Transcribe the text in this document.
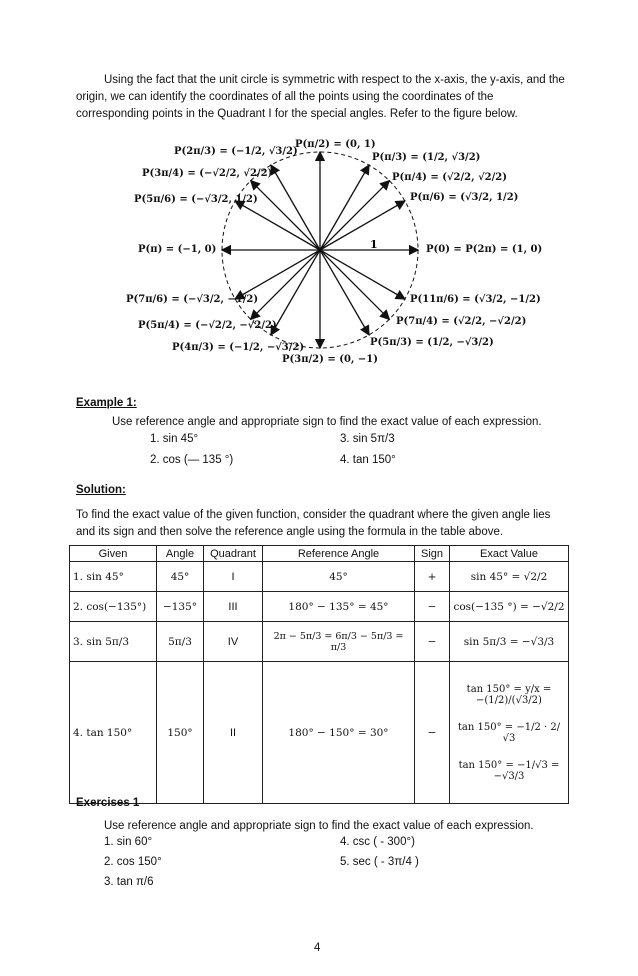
Using the fact that the unit circle is symmetric with respect to the x-axis, the y-axis, and the origin, we can identify the coordinates of all the points using the coordinates of the corresponding points in the Quadrant I for the special angles. Refer to the figure below.
1
P(π/2) = (0, 1)
P(π/3) = (1/2, √3/2)
P(π/4) = (√2/2, √2/2)
P(π/6) = (√3/2, 1/2)
P(0) = P(2π) = (1, 0)
P(11π/6) = (√3/2, −1/2)
P(7π/4) = (√2/2, −√2/2)
P(5π/3) = (1/2, −√3/2)
P(3π/2) = (0, −1)
P(4π/3) = (−1/2, −√3/2)
P(5π/4) = (−√2/2, −√2/2)
P(7π/6) = (−√3/2, −1/2)
P(π) = (−1, 0)
P(5π/6) = (−√3/2, 1/2)
P(3π/4) = (−√2/2, √2/2)
P(2π/3) = (−1/2, √3/2)
Example 1:
Use reference angle and appropriate sign to find the exact value of each expression.
1. sin 45°
2. cos (— 135 °)
3. sin 5π/3
4. tan 150°
Solution:
To find the exact value of the given function, consider the quadrant where the given angle lies and its sign and then solve the reference angle using the formula in the table above.
Given	Angle	Quadrant	Reference Angle	Sign	Exact Value
1. sin 45°	45°	I	45°	+	sin 45° = √2/2
2. cos(−135°)	−135°	III	180° − 135° = 45°	−	cos(−135 °) = −√2/2
3. sin 5π/3	5π/3	IV	2π − 5π/3 = 6π/3 − 5π/3 = π/3	−	sin 5π/3 = −√3/3
4. tan 150°	150°	II	180° − 150° = 30°	−	tan 150° = y/x = −(1/2)/(√3/2)
tan 150° = −1/2 · 2/√3
tan 150° = −1/√3 = −√3/3
Exercises 1
Use reference angle and appropriate sign to find the exact value of each expression.
1. sin 60°
2. cos 150°
3. tan π/6
4. csc ( - 300°)
5. sec ( - 3π/4 )
4
